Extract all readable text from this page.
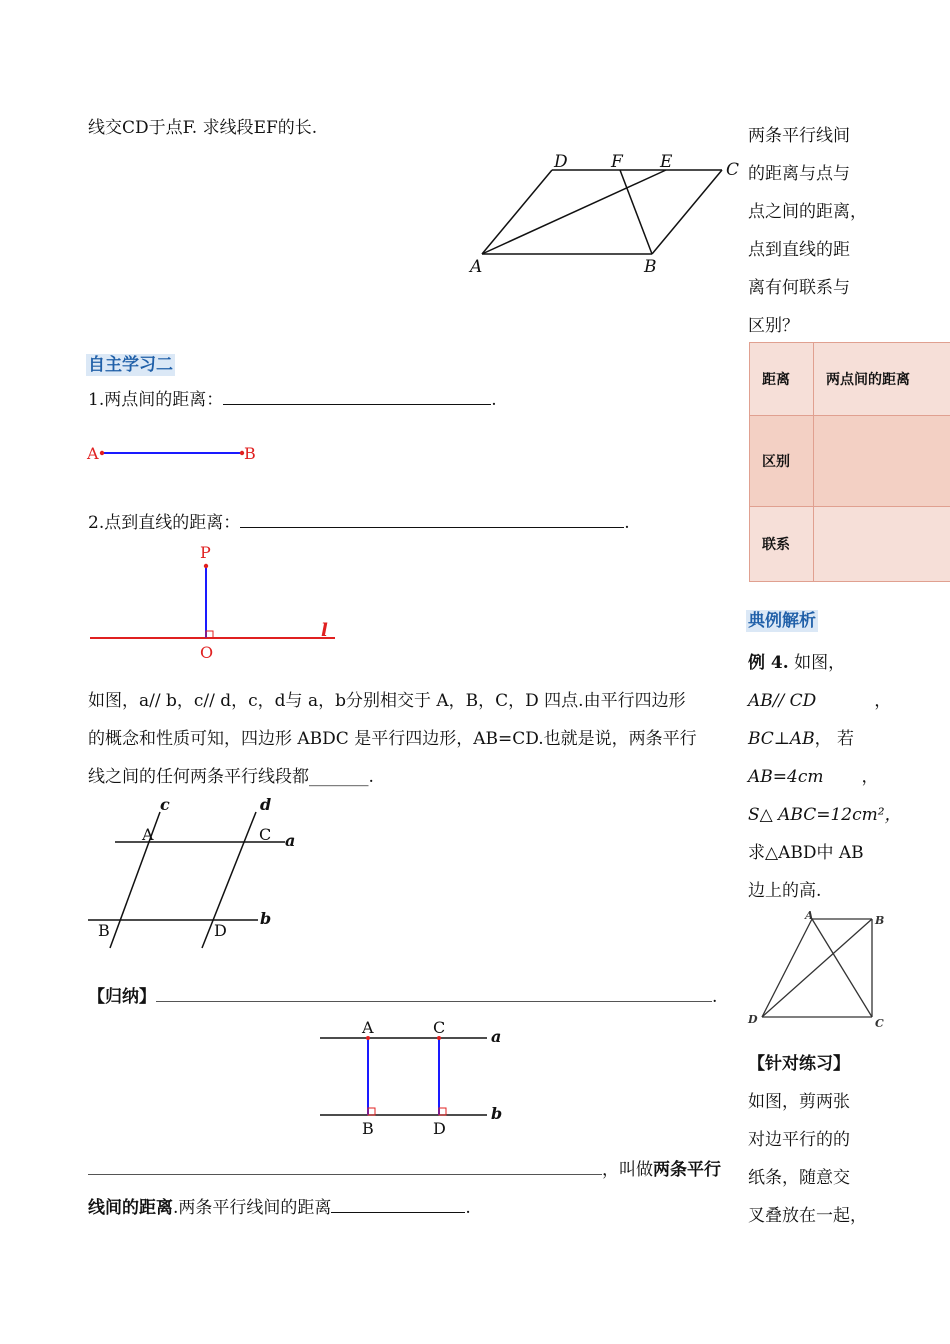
线交CD于点F. 求线段EF的长.
D	F E	C
A	B
两条平行线间
的距离与点与
点之间的距离，
点到直线的距
离有何联系与
区别？
距离	两点间的距离
区别	
联系	
自主学习二
1.两点间的距离：	.
A	B
2.点到直线的距离：	.
P
O
l
如图，a// b，c// d，c，d与 a，b分别相交于 A，B，C，D 四点.由平行四边形
的概念和性质可知，四边形 ABDC 是平行四边形，AB=CD.也就是说，两条平行
线之间的任何两条平行线段都_______.
c	d
A	C a
B	D
b
【归纳】	.
A	C	a
B	D
b
，叫做两条平行
线间的距离.两条平行线间的距离	.
典例解析
例 4. 如图，
AB// CD	，
BC⊥AB， 若
AB=4cm ，
S△ ABC=12cm²，
求△ABD中 AB
边上的高.
A	B
D	C
【针对练习】
如图，剪两张
对边平行的的
纸条，随意交
叉叠放在一起，
